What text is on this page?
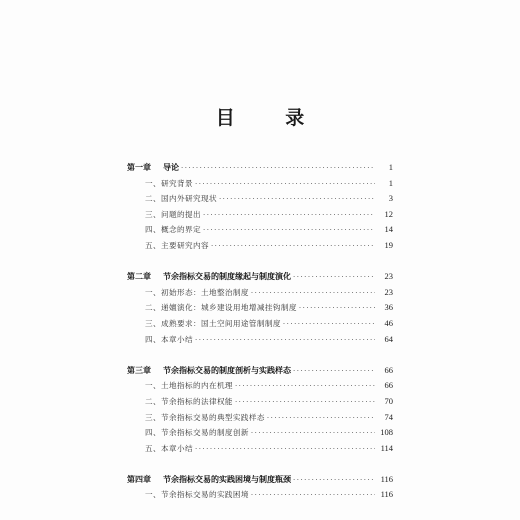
目 录
第一章 导论 ·····	1
一、研究背景 ·····	1
二、国内外研究现状 ·····	3
三、问题的提出 ·····	12
四、概念的界定 ·····	14
五、主要研究内容 ·····	19
第二章 节余指标交易的制度缘起与制度演化 ·····	23
一、初始形态：土地整治制度 ·····	23
二、递嬗演化：城乡建设用地增减挂钩制度 ·····	36
三、成熟要求：国土空间用途管制制度 ·····	46
四、本章小结 ·····	64
第三章 节余指标交易的制度剖析与实践样态 ·····	66
一、土地指标的内在机理 ·····	66
二、节余指标的法律权能 ·····	70
三、节余指标交易的典型实践样态 ·····	74
四、节余指标交易的制度创新 ·····	108
五、本章小结 ·····	114
第四章 节余指标交易的实践困境与制度瓶颈 ·····	116
一、节余指标交易的实践困境 ·····	116
